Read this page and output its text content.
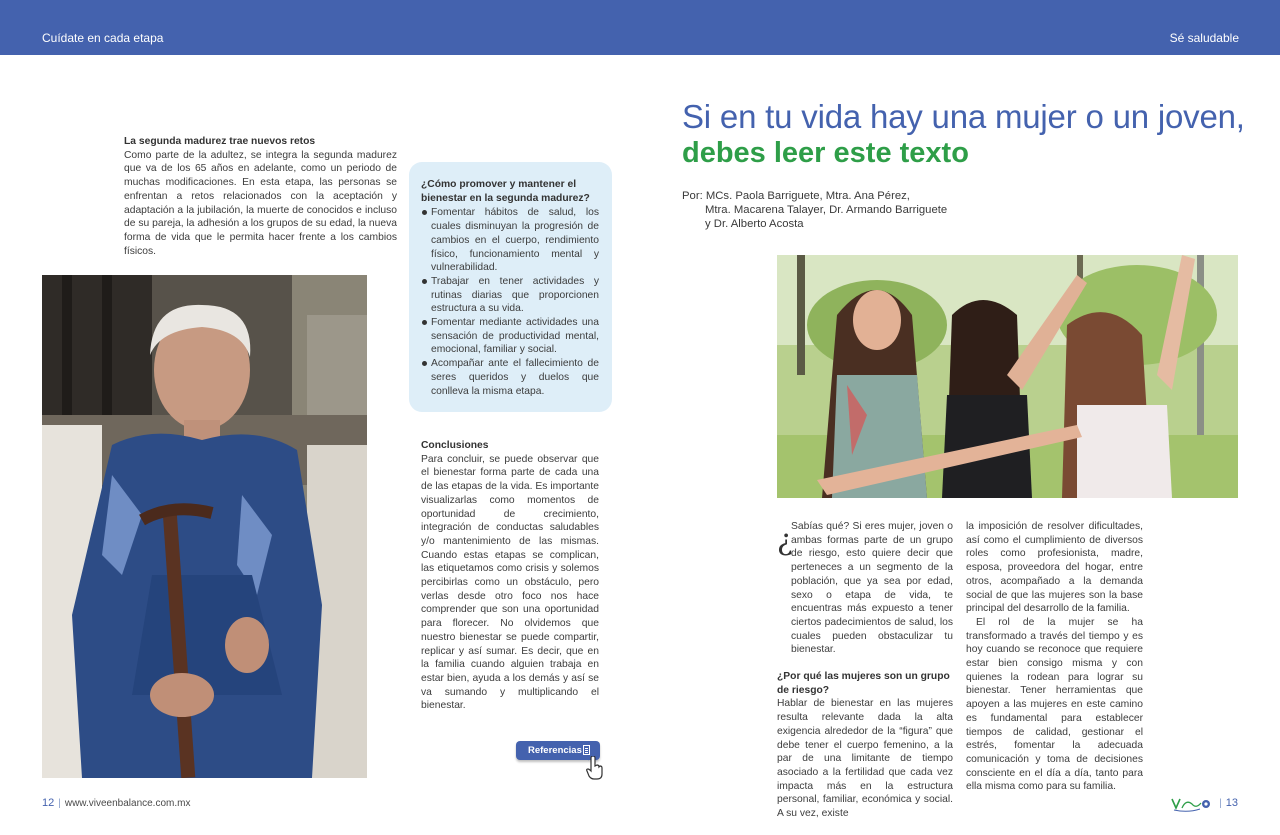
Cuídate en cada etapa	Sé saludable
La segunda madurez trae nuevos retos

Como parte de la adultez, se integra la segunda madurez que va de los 65 años en adelante, como un periodo de muchas modificaciones. En esta etapa, las personas se enfrentan a retos relacionados con la aceptación y adaptación a la jubilación, la muerte de conocidos e incluso de su pareja, la adhesión a los grupos de su edad, la nueva forma de vida que le permita hacer frente a los cambios físicos.

¿Cómo promover y mantener el bienestar en la segunda madurez?
Fomentar hábitos de salud, los cuales disminuyan la progresión de cambios en el cuerpo, rendimiento físico, funcionamiento mental y vulnerabilidad.
Trabajar en tener actividades y rutinas diarias que proporcionen estructura a su vida.
Fomentar mediante actividades una sensación de productividad mental, emocional, familiar y social.
Acompañar ante el fallecimiento de seres queridos y duelos que conlleva la misma etapa.
Conclusiones

Para concluir, se puede observar que el bienestar forma parte de cada una de las etapas de la vida. Es importante visualizarlas como momentos de oportunidad de crecimiento, integración de conductas saludables y/o mantenimiento de las mismas. Cuando estas etapas se complican, las etiquetamos como crisis y solemos percibirlas como un obstáculo, pero verlas desde otro foco nos hace comprender que son una oportunidad para florecer. No olvidemos que nuestro bienestar se puede compartir, replicar y así sumar. Es decir, que en la familia cuando alguien trabaja en estar bien, ayuda a los demás y así se va sumando y multiplicando el bienestar.

Referencias
Si en tu vida hay una mujer o un joven,
debes leer este texto
Por: MCs. Paola Barriguete, Mtra. Ana Pérez,
Mtra. Macarena Talayer, Dr. Armando Barriguete
y Dr. Alberto Acosta
¿

Sabías qué? Si eres mujer, joven o ambas formas parte de un grupo de riesgo, esto quiere decir que perteneces a un segmento de la población, que ya sea por edad, sexo o etapa de vida, te encuentras más expuesto a tener ciertos padecimientos de salud, los cuales pueden obstaculizar tu bienestar.

¿Por qué las mujeres son un grupo de riesgo?

Hablar de bienestar en las mujeres resulta relevante dada la alta exigencia alrededor de la “figura” que debe tener el cuerpo femenino, a la par de una limitante de tiempo asociado a la fertilidad que cada vez impacta más en la estructura personal, familiar, económica y social. A su vez, existe

la imposición de resolver dificultades, así como el cumplimiento de diversos roles como profesionista, madre, esposa, proveedora del hogar, entre otros, acompañado a la demanda social de que las mujeres son la base principal del desarrollo de la familia.

El rol de la mujer se ha transformado a través del tiempo y es hoy cuando se reconoce que requiere estar bien consigo misma y con quienes la rodean para lograr su bienestar. Tener herramientas que apoyen a las mujeres en este camino es fundamental para establecer tiempos de calidad, gestionar el estrés, fomentar la adecuada comunicación y toma de decisiones consciente en el día a día, tanto para ella misma como para su familia.

12 | www.viveenbalance.com.mx	| 13
